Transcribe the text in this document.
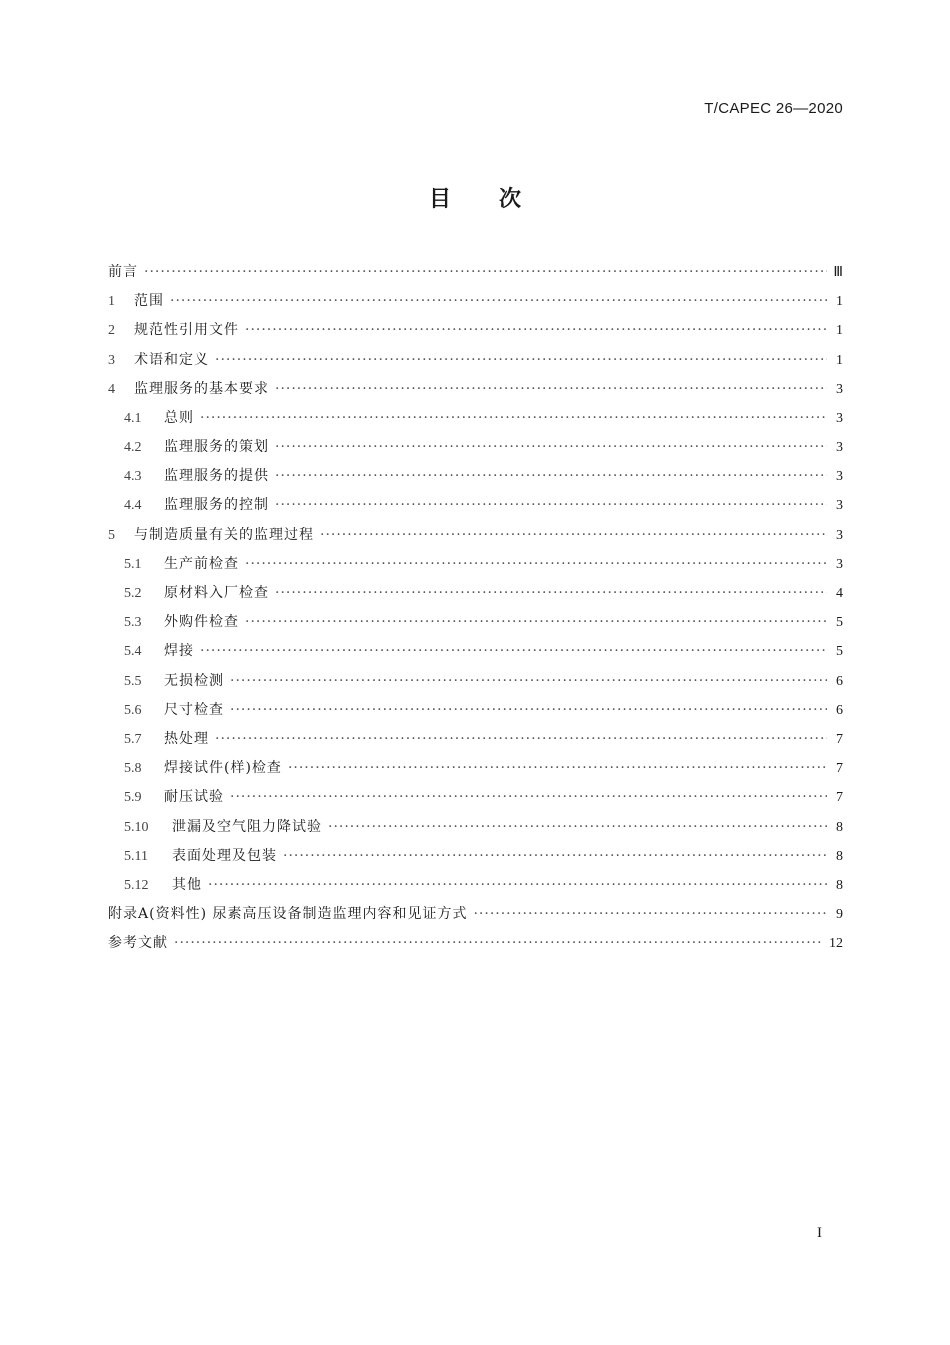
T/CAPEC 26—2020
目次
前言 ·····	Ⅲ
1	范围 ·····	1
2	规范性引用文件 ·····	1
3	术语和定义 ·····	1
4	监理服务的基本要求 ·····	3
4.1	总则 ·····	3
4.2	监理服务的策划 ·····	3
4.3	监理服务的提供 ·····	3
4.4	监理服务的控制 ·····	3
5	与制造质量有关的监理过程 ·····	3
5.1	生产前检查 ·····	3
5.2	原材料入厂检查 ·····	4
5.3	外购件检查 ·····	5
5.4	焊接 ·····	5
5.5	无损检测 ·····	6
5.6	尺寸检查 ·····	6
5.7	热处理 ·····	7
5.8	焊接试件(样)检查 ·····	7
5.9	耐压试验 ·····	7
5.10	泄漏及空气阻力降试验 ·····	8
5.11	表面处理及包装 ·····	8
5.12	其他 ·····	8
附录A(资料性) 尿素高压设备制造监理内容和见证方式 ·····	9
参考文献 ·····	12
I
